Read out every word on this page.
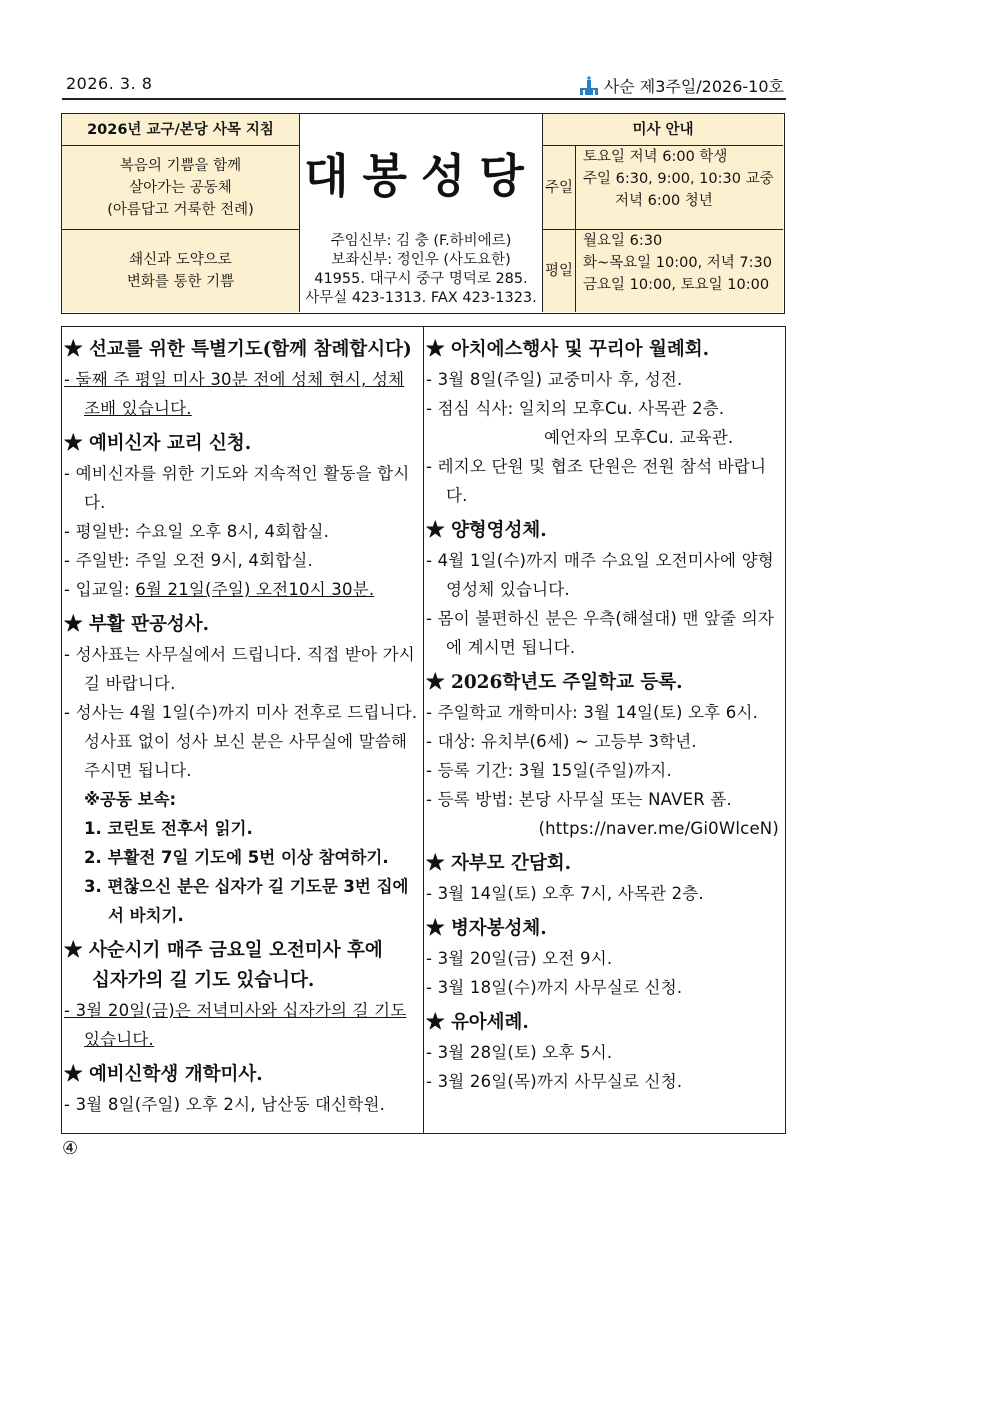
2026. 3. 8	사순 제3주일/2026-10호
2026년 교구/본당 사목 지침
복음의 기쁨을 함께
살아가는 공동체
(아름답고 거룩한 전례)
쇄신과 도약으로
변화를 통한 기쁨
대봉성당
주임신부: 김 충 (F.하비에르)
보좌신부: 정인우 (사도요한)
41955. 대구시 중구 명덕로 285.
사무실 423-1313. FAX 423-1323.
미사 안내
주일
토요일 저녁 6:00 학생
주일 6:30, 9:00, 10:30 교중
저녁 6:00 청년
평일
월요일 6:30
화~목요일 10:00, 저녁 7:30
금요일 10:00, 토요일 10:00
★ 선교를 위한 특별기도(함께 참례합시다)
- 둘째 주 평일 미사 30분 전에 성체 현시, 성체 조배 있습니다.
★ 예비신자 교리 신청.
- 예비신자를 위한 기도와 지속적인 활동을 합시다.
- 평일반: 수요일 오후 8시, 4회합실.
- 주일반: 주일 오전 9시, 4회합실.
- 입교일: 6월 21일(주일) 오전10시 30분.
★ 부활 판공성사.
- 성사표는 사무실에서 드립니다. 직접 받아 가시길 바랍니다.
- 성사는 4월 1일(수)까지 미사 전후로 드립니다. 성사표 없이 성사 보신 분은 사무실에 말씀해 주시면 됩니다.
※공동 보속:
1. 코린토 전후서 읽기.
2. 부활전 7일 기도에 5번 이상 참여하기.
3. 편찮으신 분은 십자가 길 기도문 3번 집에서 바치기.
★ 사순시기 매주 금요일 오전미사 후에
십자가의 길 기도 있습니다.
- 3월 20일(금)은 저녁미사와 십자가의 길 기도 있습니다.
★ 예비신학생 개학미사.
- 3월 8일(주일) 오후 2시, 남산동 대신학원.
★ 아치에스행사 및 꾸리아 월례회.
- 3월 8일(주일) 교중미사 후, 성전.
- 점심 식사: 일치의 모후Cu. 사목관 2층.
예언자의 모후Cu. 교육관.
- 레지오 단원 및 협조 단원은 전원 참석 바랍니다.
★ 양형영성체.
- 4월 1일(수)까지 매주 수요일 오전미사에 양형영성체 있습니다.
- 몸이 불편하신 분은 우측(해설대) 맨 앞줄 의자에 계시면 됩니다.
★ 2026학년도 주일학교 등록.
- 주일학교 개학미사: 3월 14일(토) 오후 6시.
- 대상: 유치부(6세) ~ 고등부 3학년.
- 등록 기간: 3월 15일(주일)까지.
- 등록 방법: 본당 사무실 또는 NAVER 폼.
(https://naver.me/Gi0WlceN)
★ 자부모 간담회.
- 3월 14일(토) 오후 7시, 사목관 2층.
★ 병자봉성체.
- 3월 20일(금) 오전 9시.
- 3월 18일(수)까지 사무실로 신청.
★ 유아세례.
- 3월 28일(토) 오후 5시.
- 3월 26일(목)까지 사무실로 신청.
④
